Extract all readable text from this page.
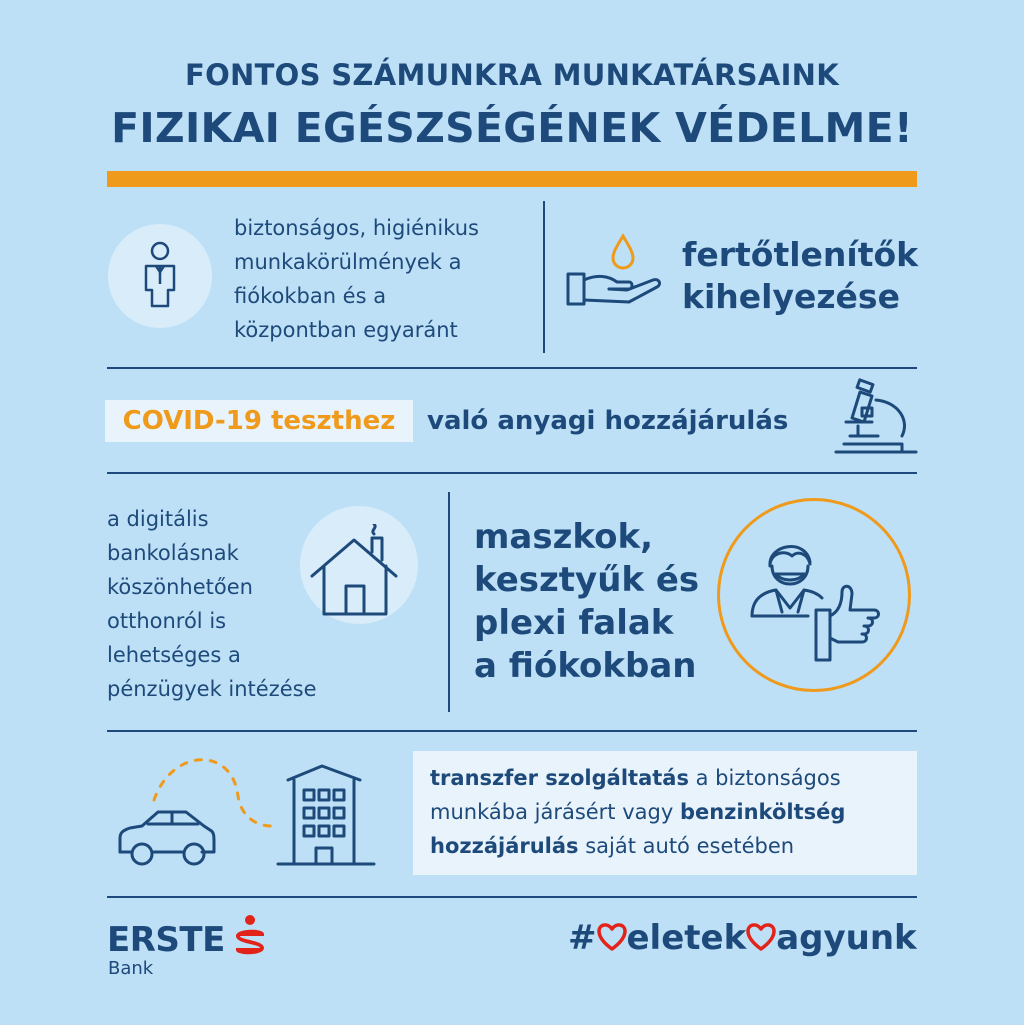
FONTOS SZÁMUNKRA MUNKATÁRSAINK
FIZIKAI EGÉSZSÉGÉNEK VÉDELME!
biztonságos, higiénikus
munkakörülmények a
fiókokban és a
központban egyaránt
fertőtlenítők
kihelyezése
COVID-19 teszthez	való anyagi hozzájárulás
a digitális
bankolásnak
köszönhetően
otthonról is
lehetséges a
pénzügyek intézése
maszkok,
kesztyűk és
plexi falak
a fiókokban
transzfer szolgáltatás a biztonságos munkába járásért vagy benzinköltség hozzájárulás saját autó esetében
ERSTE
Bank
# eletek agyunk
